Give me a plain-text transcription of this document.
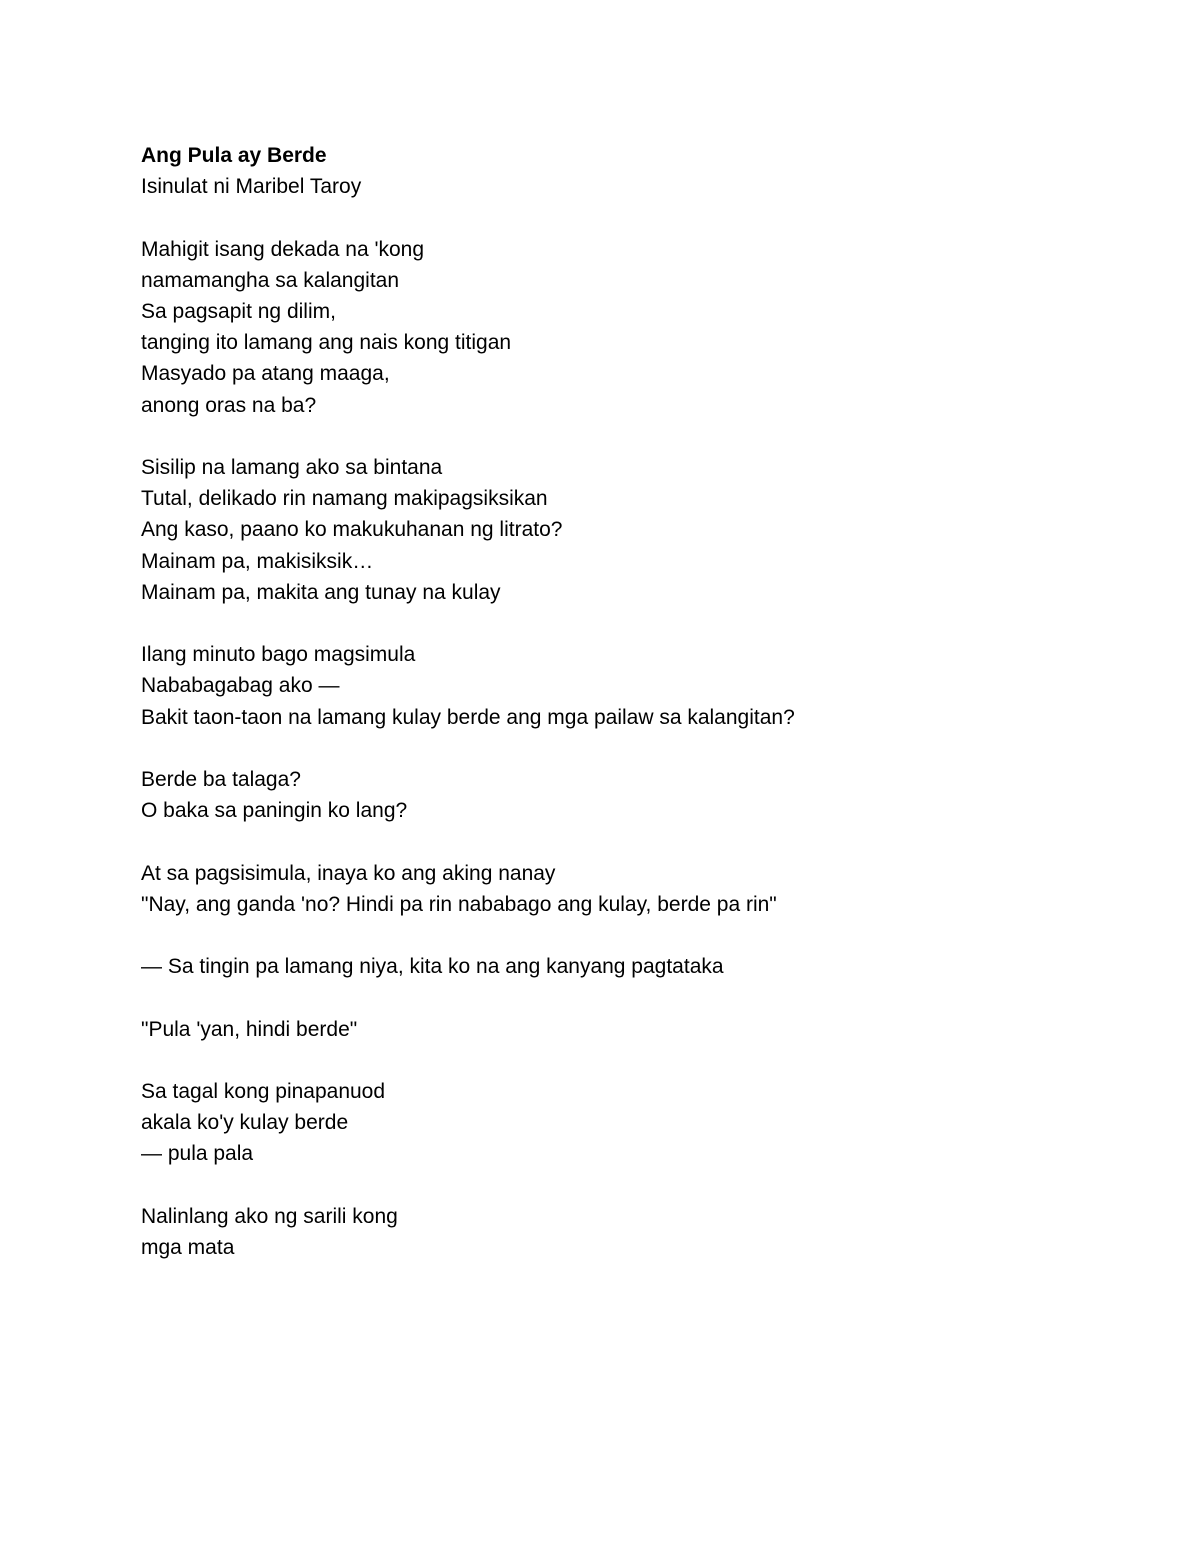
Ang Pula ay Berde
Isinulat ni Maribel Taroy
Mahigit isang dekada na 'kong
namamangha sa kalangitan
Sa pagsapit ng dilim,
tanging ito lamang ang nais kong titigan
Masyado pa atang maaga,
anong oras na ba?
Sisilip na lamang ako sa bintana
Tutal, delikado rin namang makipagsiksikan
Ang kaso, paano ko makukuhanan ng litrato?
Mainam pa, makisiksik…
Mainam pa, makita ang tunay na kulay
Ilang minuto bago magsimula
Nababagabag ako —
Bakit taon-taon na lamang kulay berde ang mga pailaw sa kalangitan?
Berde ba talaga?
O baka sa paningin ko lang?
At sa pagsisimula, inaya ko ang aking nanay
"Nay, ang ganda 'no? Hindi pa rin nababago ang kulay, berde pa rin"
— Sa tingin pa lamang niya, kita ko na ang kanyang pagtataka
"Pula 'yan, hindi berde"
Sa tagal kong pinapanuod
akala ko'y kulay berde
— pula pala
Nalinlang ako ng sarili kong
mga mata
